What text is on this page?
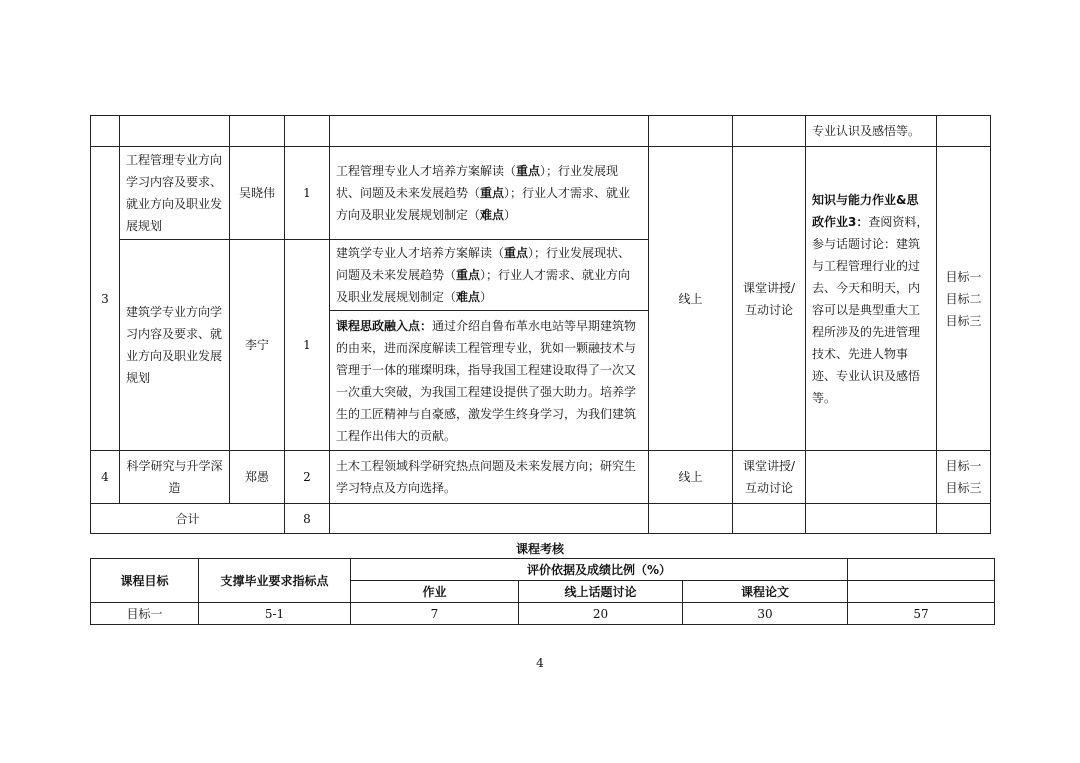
							专业认识及感悟等。	
3	工程管理专业方向学习内容及要求、就业方向及职业发展规划	吴晓伟	1	工程管理专业人才培养方案解读（重点）；行业发展现状、问题及未来发展趋势（重点）；行业人才需求、就业方向及职业发展规划制定（难点）	线上	课堂讲授/互动讨论	知识与能力作业&思政作业3：查阅资料，参与话题讨论：建筑与工程管理行业的过去、今天和明天，内容可以是典型重大工程所涉及的先进管理技术、先进人物事迹、专业认识及感悟等。	目标一
目标二
目标三

	建筑学专业方向学习内容及要求、就业方向及职业发展规划	李宁	1	建筑学专业人才培养方案解读（重点）；行业发展现状、问题及未来发展趋势（重点）；行业人才需求、就业方向及职业发展规划制定（难点）				
				课程思政融入点：通过介绍自鲁布革水电站等早期建筑物的由来，进而深度解读工程管理专业，犹如一颗融技术与管理于一体的璀璨明珠，指导我国工程建设取得了一次又一次重大突破，为我国工程建设提供了强大助力。培养学生的工匠精神与自豪感，激发学生终身学习，为我们建筑工程作出伟大的贡献。				
4	科学研究与升学深造	郑愚	2	土木工程领域科学研究热点问题及未来发展方向；研究生学习特点及方向选择。	线上	课堂讲授/互动讨论		目标一
目标三

合计			8					
课程考核
课程目标	支撑毕业要求指标点	评价依据及成绩比例（%）			
		作业	线上话题讨论	课程论文	
目标一	5-1	7	20	30	57
4
